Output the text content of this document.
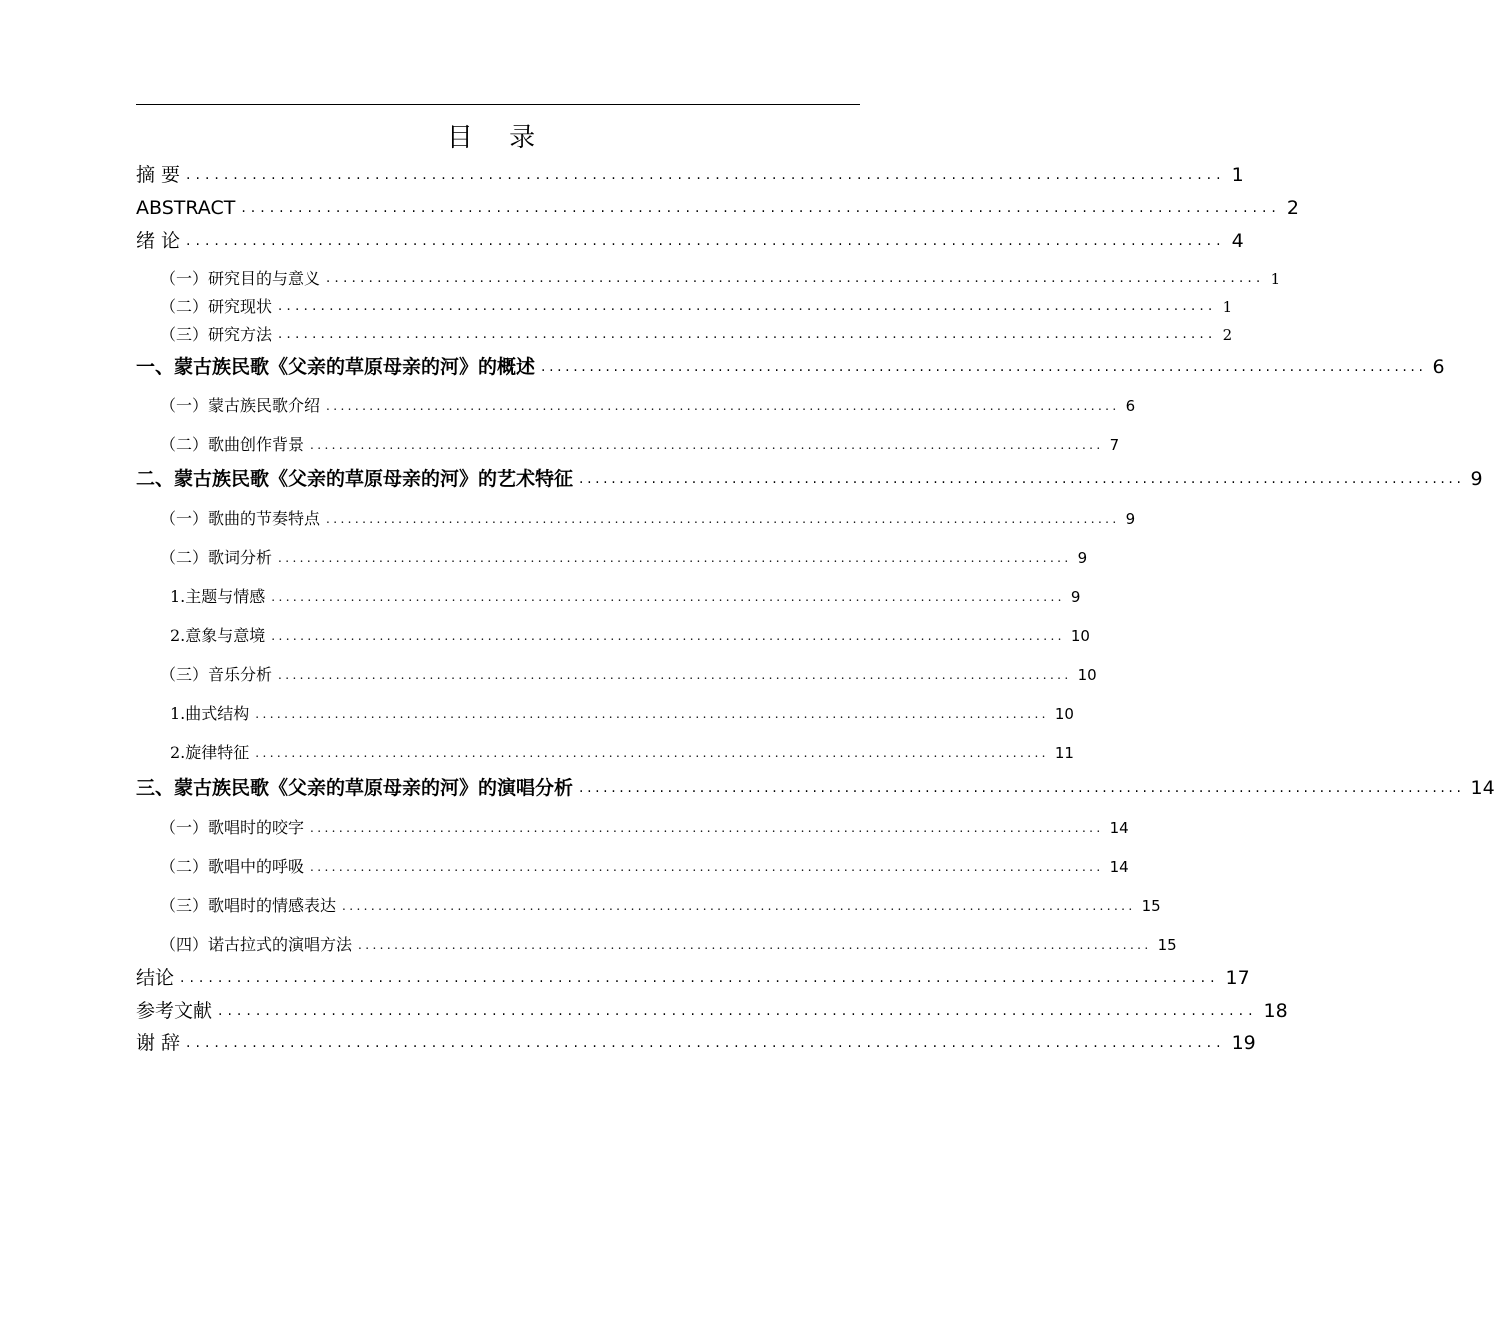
目 录
摘 要 .............................................................................................................. 1
ABSTRACT .............................................................................................................. 2
绪 论 .............................................................................................................. 4
（一）研究目的与意义 .............................................................................................................. 1
（二）研究现状 .............................................................................................................. 1
（三）研究方法 .............................................................................................................. 2
一、蒙古族民歌《父亲的草原母亲的河》的概述 .............................................................................................................. 6
（一）蒙古族民歌介绍 .............................................................................................................. 6
（二）歌曲创作背景 .............................................................................................................. 7
二、蒙古族民歌《父亲的草原母亲的河》的艺术特征 .............................................................................................................. 9
（一）歌曲的节奏特点 .............................................................................................................. 9
（二）歌词分析 .............................................................................................................. 9
1.主题与情感 .............................................................................................................. 9
2.意象与意境 .............................................................................................................. 10
（三）音乐分析 .............................................................................................................. 10
1.曲式结构 .............................................................................................................. 10
2.旋律特征 .............................................................................................................. 11
三、蒙古族民歌《父亲的草原母亲的河》的演唱分析 .............................................................................................................. 14
（一）歌唱时的咬字 .............................................................................................................. 14
（二）歌唱中的呼吸 .............................................................................................................. 14
（三）歌唱时的情感表达 .............................................................................................................. 15
（四）诺古拉式的演唱方法 .............................................................................................................. 15
结论 .............................................................................................................. 17
参考文献 .............................................................................................................. 18
谢 辞 .............................................................................................................. 19
